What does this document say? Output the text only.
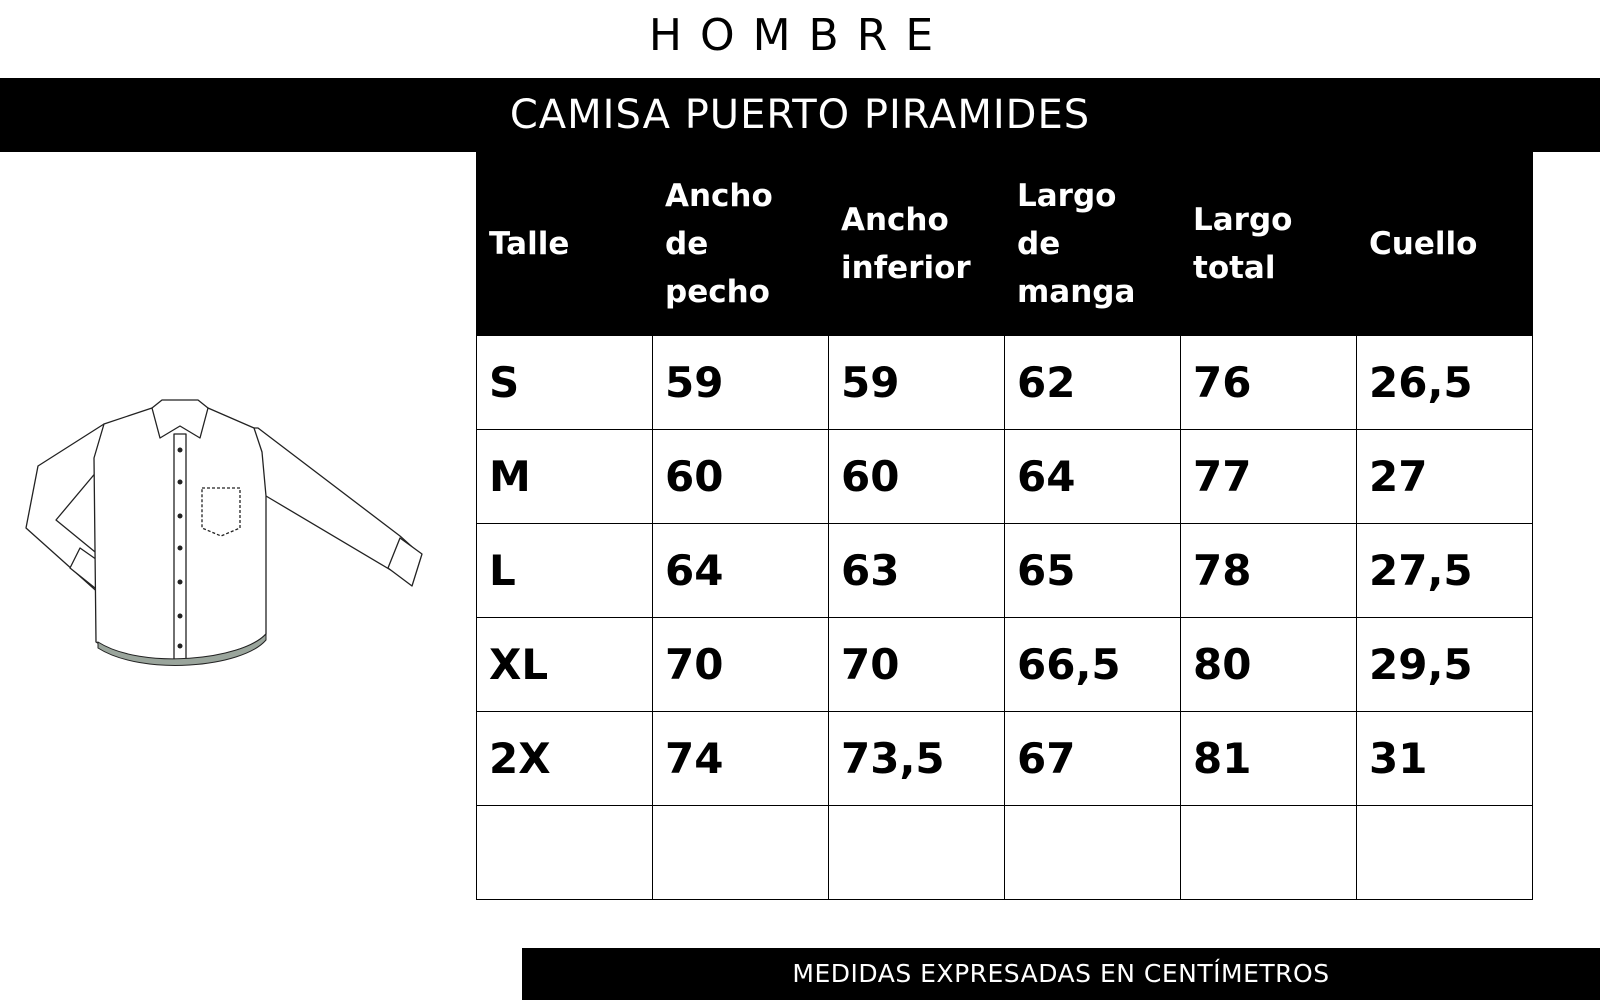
HOMBRE
CAMISA PUERTO PIRAMIDES
Talle	Ancho de pecho	Ancho inferior	Largo de manga	Largo total	Cuello
S	59	59	62	76	26,5
M	60	60	64	77	27
L	64	63	65	78	27,5
XL	70	70	66,5	80	29,5
2X	74	73,5	67	81	31

MEDIDAS EXPRESADAS EN CENTÍMETROS
